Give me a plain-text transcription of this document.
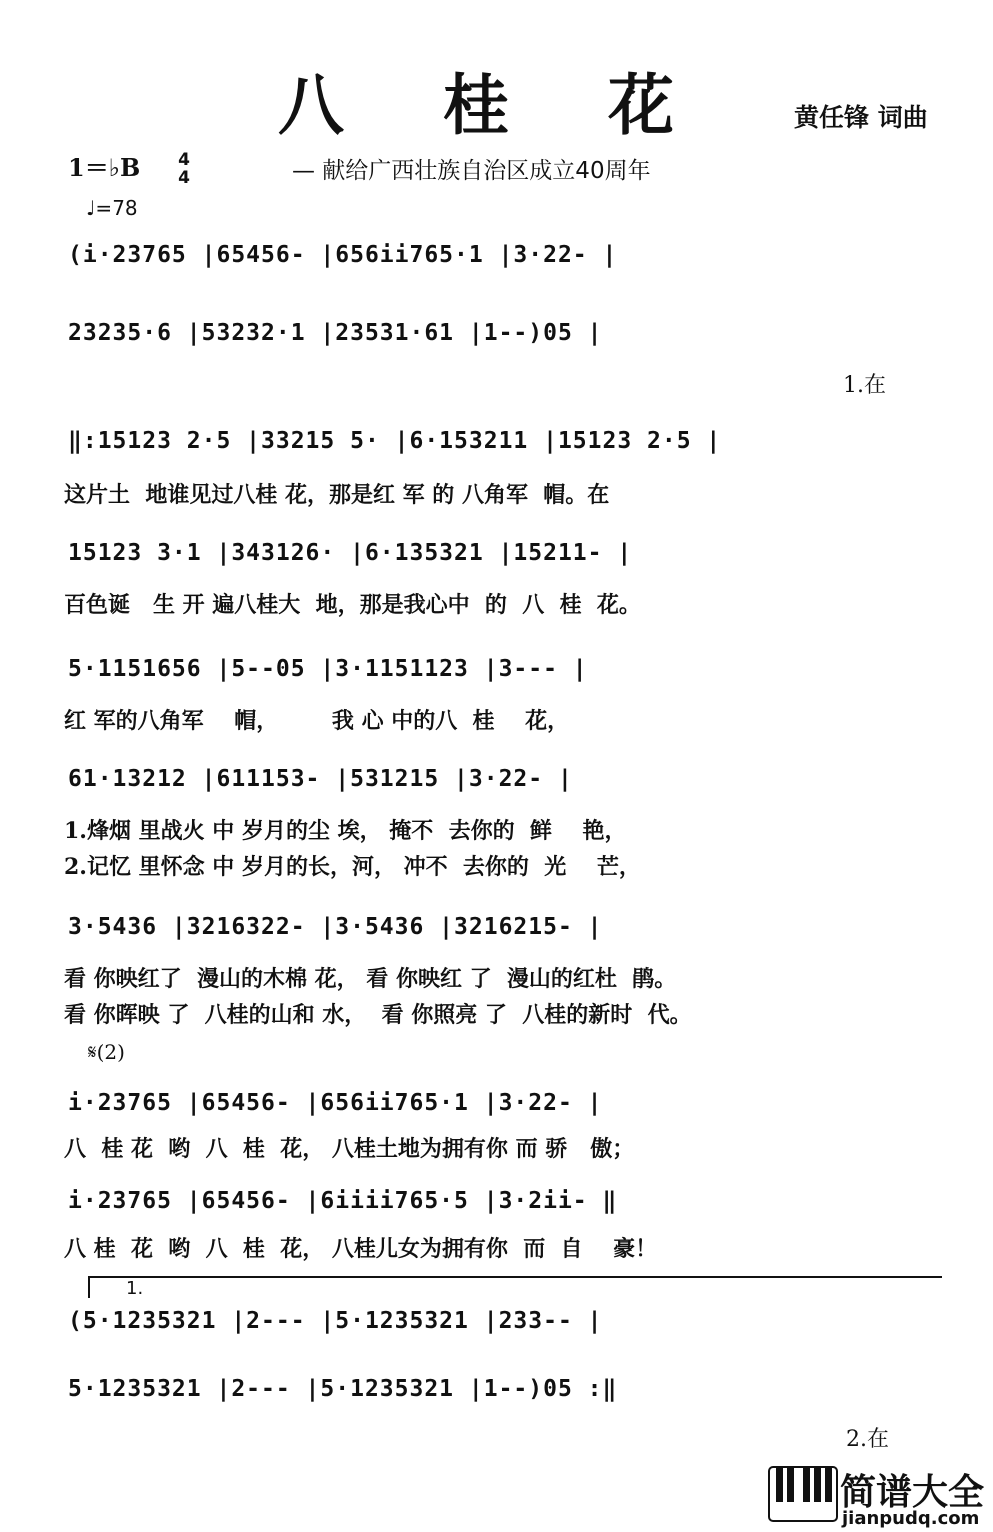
八 桂 花	黄任锋 词曲
1＝♭B 4
4	— 献给广西壮族自治区成立40周年
♩=78
(i·23765 |65456- |656ii765·1 |3·22- |
23235·6 |53232·1 |23531·61 |1--)05 |
1.在
‖:15123 2·5 |33215 5· |6·153211 |15123 2·5 |
这片土  地谁见过八桂 花，那是红 军 的 八角军  帽。在
15123 3·1 |343126· |6·135321 |15211- |
百色诞   生 开 遍八桂大  地，那是我心中  的  八  桂  花。
5·1151656 |5--05 |3·1151123 |3--- |
红 军的八角军    帽，       我 心 中的八  桂    花，
61·13212 |611153- |531215 |3·22- |
1.烽烟 里战火 中 岁月的尘 埃， 掩不  去你的  鲜    艳，
2.记忆 里怀念 中 岁月的长，河， 冲不  去你的  光    芒，
3·5436 |3216322- |3·5436 |3216215- |
看 你映红了  漫山的木棉 花， 看 你映红 了  漫山的红杜  鹃。
看 你晖映 了  八桂的山和 水，  看 你照亮 了  八桂的新时  代。
𝄋(2)
i·23765 |65456- |656ii765·1 |3·22- |
八  桂 花  哟  八  桂  花， 八桂土地为拥有你 而 骄   傲；
i·23765 |65456- |6iiii765·5 |3·2ii- ‖
八 桂  花  哟  八  桂  花， 八桂儿女为拥有你  而  自    豪！
1.
(5·1235321 |2--- |5·1235321 |233-- |
5·1235321 |2--- |5·1235321 |1--)05 :‖
2.在
简谱大全
jianpudq.com
